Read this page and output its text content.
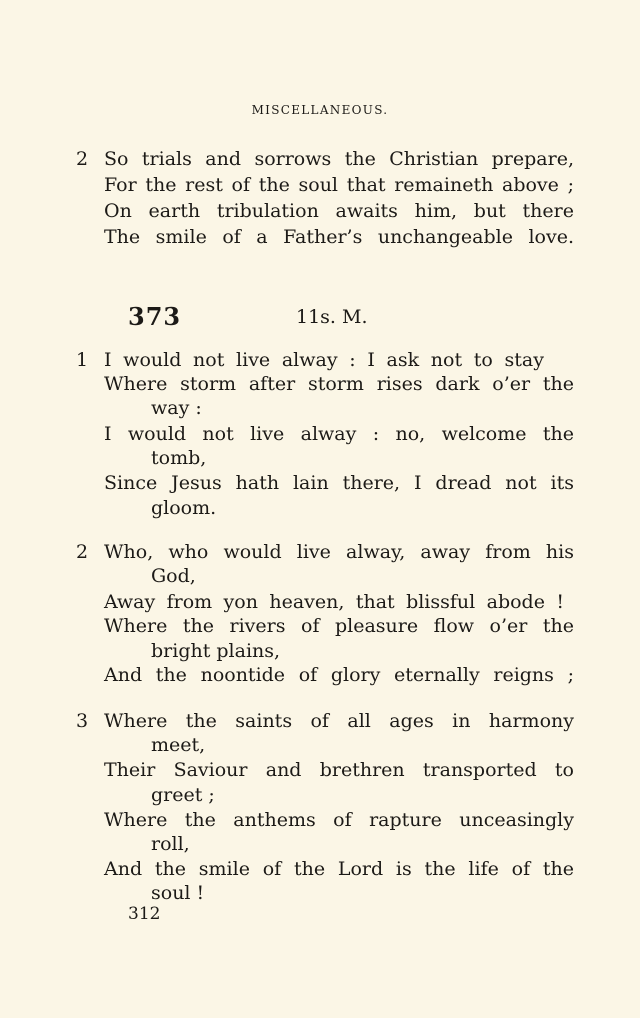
MISCELLANEOUS.
2 So trials and sorrows the Christian prepare,
For the rest of the soul that remaineth above ;
On earth tribulation awaits him, but there
The smile of a Father’s unchangeable love.
373	11s. M.
1 I would not live alway : I ask not to stay
Where storm after storm rises dark o’er the
way :
I would not live alway : no, welcome the
tomb,
Since Jesus hath lain there, I dread not its
gloom.
2 Who, who would live alway, away from his
God,
Away from yon heaven, that blissful abode !
Where the rivers of pleasure flow o’er the
bright plains,
And the noontide of glory eternally reigns ;
3 Where the saints of all ages in harmony
meet,
Their Saviour and brethren transported to
greet ;
Where the anthems of rapture unceasingly
roll,
And the smile of the Lord is the life of the
soul !
312
